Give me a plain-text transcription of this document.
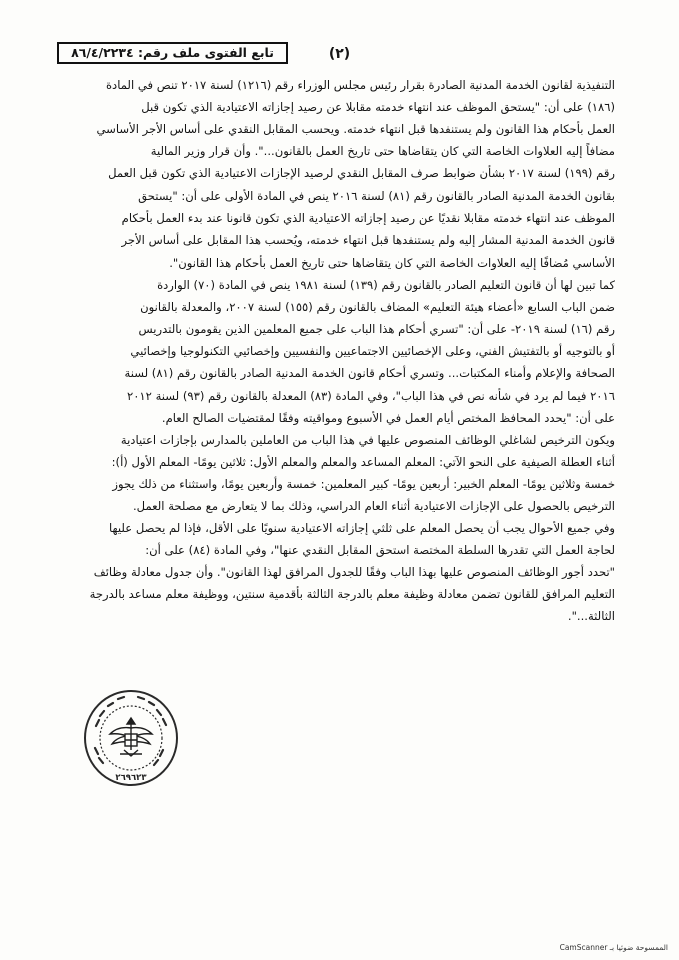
تابع الفتوى ملف رقم: ٨٦/٤/٢٢٣٤	(٢)
التنفيذية لقانون الخدمة المدنية الصادرة بقرار رئيس مجلس الوزراء رقم (١٢١٦) لسنة ٢٠١٧ تنص في المادة
(١٨٦) على أن: "يستحق الموظف عند انتهاء خدمته مقابلا عن رصيد إجازاته الاعتيادية الذي تكون قبل
العمل بأحكام هذا القانون ولم يستنفدها قبل انتهاء خدمته. ويحسب المقابل النقدي على أساس الأجر الأساسي
مضافاً إليه العلاوات الخاصة التي كان يتقاضاها حتى تاريخ العمل بالقانون...". وأن قرار وزير المالية
رقم (١٩٩) لسنة ٢٠١٧ بشأن ضوابط صرف المقابل النقدي لرصيد الإجازات الاعتيادية الذي تكون قبل العمل
بقانون الخدمة المدنية الصادر بالقانون رقم (٨١) لسنة ٢٠١٦ ينص في المادة الأولى على أن: "يستحق
الموظف عند انتهاء خدمته مقابلا نقديًا عن رصيد إجازاته الاعتيادية الذي تكون قانونا عند بدء العمل بأحكام
قانون الخدمة المدنية المشار إليه ولم يستنفدها قبل انتهاء خدمته، ويُحسب هذا المقابل على أساس الأجر
الأساسي مُضافًا إليه العلاوات الخاصة التي كان يتقاضاها حتى تاريخ العمل بأحكام هذا القانون".
كما تبين لها أن قانون التعليم الصادر بالقانون رقم (١٣٩) لسنة ١٩٨١ ينص في المادة (٧٠) الواردة
ضمن الباب السابع «أعضاء هيئة التعليم» المضاف بالقانون رقم (١٥٥) لسنة ٢٠٠٧، والمعدلة بالقانون
رقم (١٦) لسنة ٢٠١٩- على أن: "تسري أحكام هذا الباب على جميع المعلمين الذين يقومون بالتدريس
أو بالتوجيه أو بالتفتيش الفني، وعلى الإخصائيين الاجتماعيين والنفسيين وإخصائيي التكنولوجيا وإخصائيي
الصحافة والإعلام وأمناء المكتبات... وتسري أحكام قانون الخدمة المدنية الصادر بالقانون رقم (٨١) لسنة
٢٠١٦ فيما لم يرد في شأنه نص في هذا الباب"، وفي المادة (٨٣) المعدلة بالقانون رقم (٩٣) لسنة ٢٠١٢
على أن: "يحدد المحافظ المختص أيام العمل في الأسبوع ومواقيته وفقًا لمقتضيات الصالح العام.
ويكون الترخيص لشاغلي الوظائف المنصوص عليها في هذا الباب من العاملين بالمدارس بإجازات اعتيادية
أثناء العطلة الصيفية على النحو الآتي: المعلم المساعد والمعلم والمعلم الأول: ثلاثين يومًا- المعلم الأول (أ):
خمسة وثلاثين يومًا- المعلم الخبير: أربعين يومًا- كبير المعلمين: خمسة وأربعين يومًا، واستثناء من ذلك يجوز
الترخيص بالحصول على الإجازات الاعتيادية أثناء العام الدراسي، وذلك بما لا يتعارض مع مصلحة العمل.
وفي جميع الأحوال يجب أن يحصل المعلم على ثلثي إجازاته الاعتيادية سنويًا على الأقل، فإذا لم يحصل عليها
لحاجة العمل التي تقدرها السلطة المختصة استحق المقابل النقدي عنها"، وفي المادة (٨٤) على أن:
"تحدد أجور الوظائف المنصوص عليها بهذا الباب وفقًا للجدول المرافق لهذا القانون". وأن جدول معادلة وظائف
التعليم المرافق للقانون تضمن معادلة وظيفة معلم بالدرجة الثالثة بأقدمية سنتين، ووظيفة معلم مساعد بالدرجة
الثالثة...".
٢٦٩٦٢٣
الممسوحة ضوئيا بـ CamScanner
